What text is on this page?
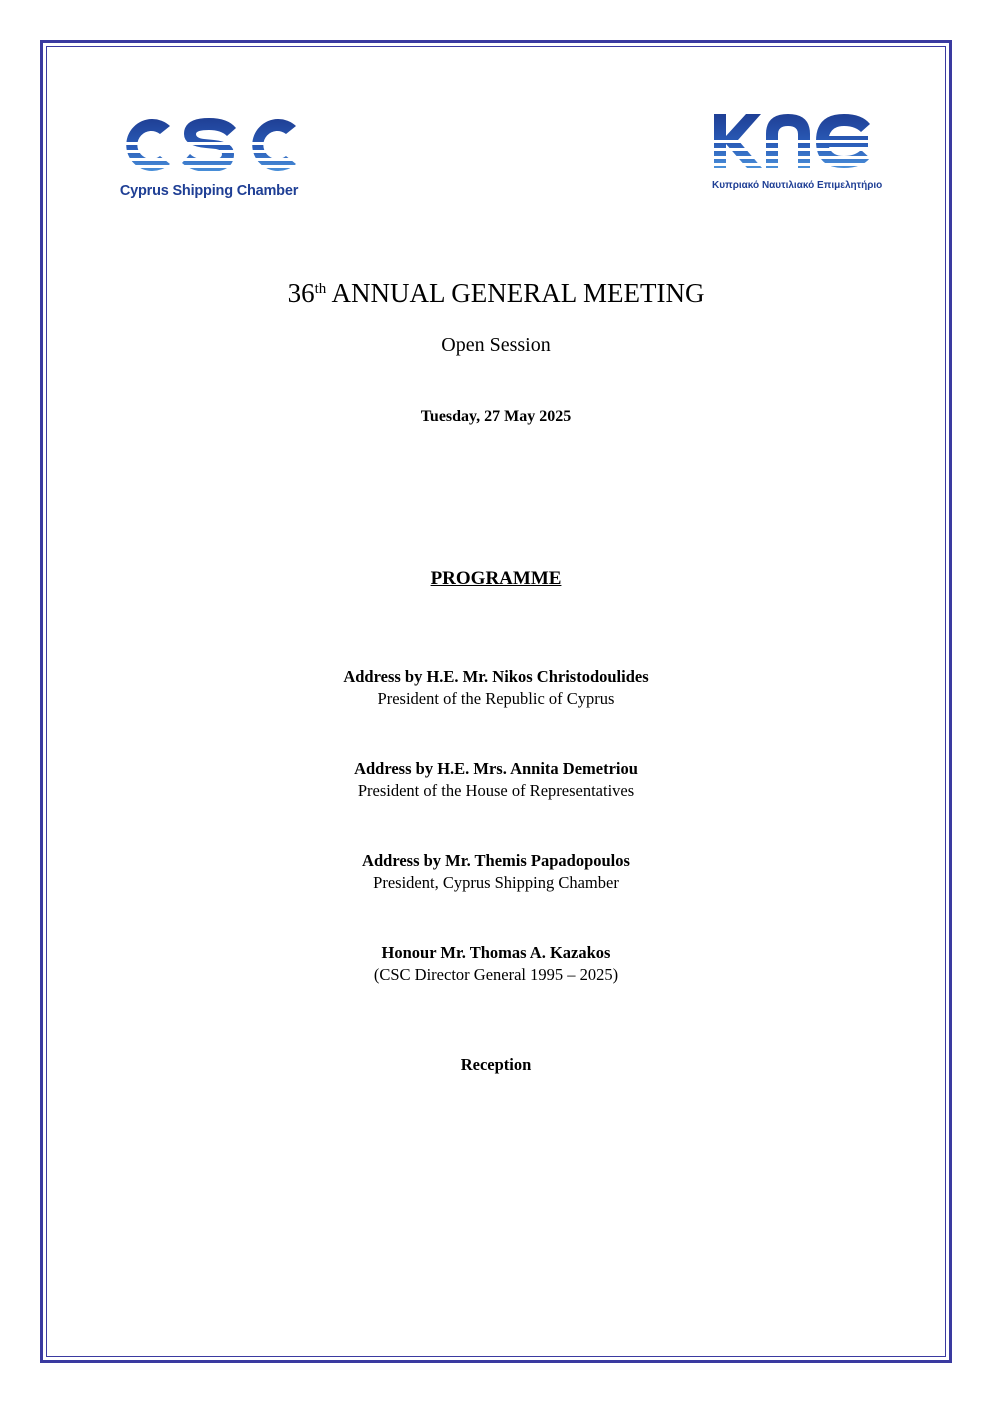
Cyprus Shipping Chamber	Κυπριακό Ναυτιλιακό Επιμελητήριο
36th ANNUAL GENERAL MEETING
Open Session
Tuesday, 27 May 2025
PROGRAMME
Address by H.E. Mr. Nikos Christodoulides
President of the Republic of Cyprus
Address by H.E. Mrs. Annita Demetriou
President of the House of Representatives
Address by Mr. Themis Papadopoulos
President, Cyprus Shipping Chamber
Honour Mr. Thomas A. Kazakos
(CSC Director General 1995 – 2025)
Reception
